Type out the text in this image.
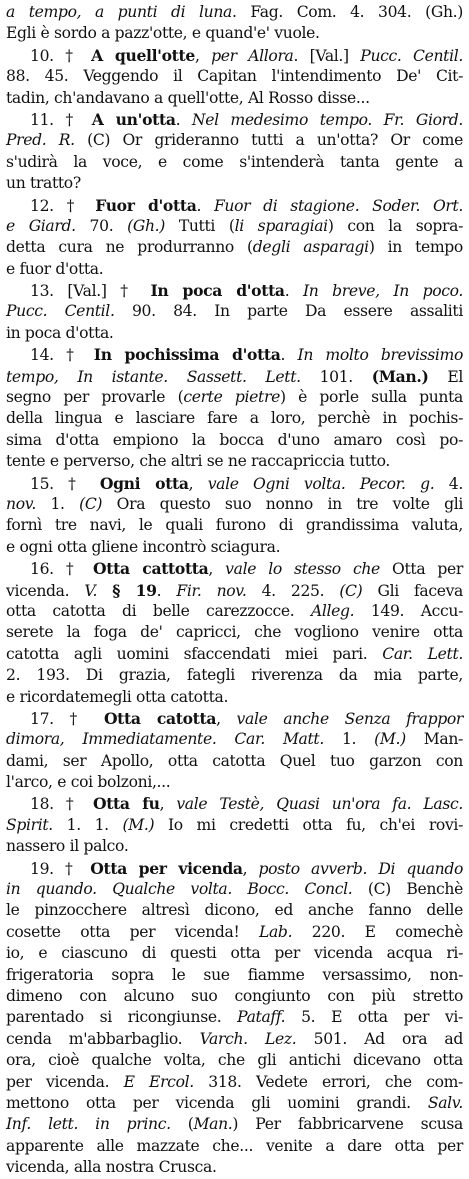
a tempo, a punti di luna. Fag. Com. 4. 304. (Gh.)
Egli è sordo a pazz'otte, e quand'e' vuole.
10. † A quell'otte, per Allora. [Val.] Pucc. Centil.
88. 45. Veggendo il Capitan l'intendimento De' Cit-
tadin, ch'andavano a quell'otte, Al Rosso disse...
11. † A un'otta. Nel medesimo tempo. Fr. Giord.
Pred. R. (C) Or grideranno tutti a un'otta? Or come
s'udirà la voce, e come s'intenderà tanta gente a
un tratto?
12. † Fuor d'otta. Fuor di stagione. Soder. Ort.
e Giard. 70. (Gh.) Tutti (li sparagiai) con la sopra-
detta cura ne produrranno (degli asparagi) in tempo
e fuor d'otta.
13. [Val.] † In poca d'otta. In breve, In poco.
Pucc. Centil. 90. 84. In parte Da essere assaliti
in poca d'otta.
14. † In pochissima d'otta. In molto brevissimo
tempo, In istante. Sassett. Lett. 101. (Man.) El
segno per provarle (certe pietre) è porle sulla punta
della lingua e lasciare fare a loro, perchè in pochis-
sima d'otta empiono la bocca d'uno amaro così po-
tente e perverso, che altri se ne raccapriccia tutto.
15. † Ogni otta, vale Ogni volta. Pecor. g. 4.
nov. 1. (C) Ora questo suo nonno in tre volte gli
fornì tre navi, le quali furono di grandissima valuta,
e ogni otta gliene incontrò sciagura.
16. † Otta cattotta, vale lo stesso che Otta per
vicenda. V. § 19. Fir. nov. 4. 225. (C) Gli faceva
otta catotta di belle carezzocce. Alleg. 149. Accu-
serete la foga de' capricci, che vogliono venire otta
catotta agli uomini sfaccendati miei pari. Car. Lett.
2. 193. Di grazia, fategli riverenza da mia parte,
e ricordatemegli otta catotta.
17. † Otta catotta, vale anche Senza frappor
dimora, Immediatamente. Car. Matt. 1. (M.) Man-
dami, ser Apollo, otta catotta Quel tuo garzon con
l'arco, e coi bolzoni,...
18. † Otta fu, vale Testè, Quasi un'ora fa. Lasc.
Spirit. 1. 1. (M.) Io mi credetti otta fu, ch'ei rovi-
nassero il palco.
19. † Otta per vicenda, posto avverb. Di quando
in quando. Qualche volta. Bocc. Concl. (C) Benchè
le pinzocchere altresì dicono, ed anche fanno delle
cosette otta per vicenda! Lab. 220. E comechè
io, e ciascuno di questi otta per vicenda acqua ri-
frigeratoria sopra le sue fiamme versassimo, non-
dimeno con alcuno suo congiunto con più stretto
parentado si ricongiunse. Pataff. 5. E otta per vi-
cenda m'abbarbaglio. Varch. Lez. 501. Ad ora ad
ora, cioè qualche volta, che gli antichi dicevano otta
per vicenda. E Ercol. 318. Vedete errori, che com-
mettono otta per vicenda gli uomini grandi. Salv.
Inf. lett. in princ. (Man.) Per fabbricarvene scusa
apparente alle mazzate che... venite a dare otta per
vicenda, alla nostra Crusca.
